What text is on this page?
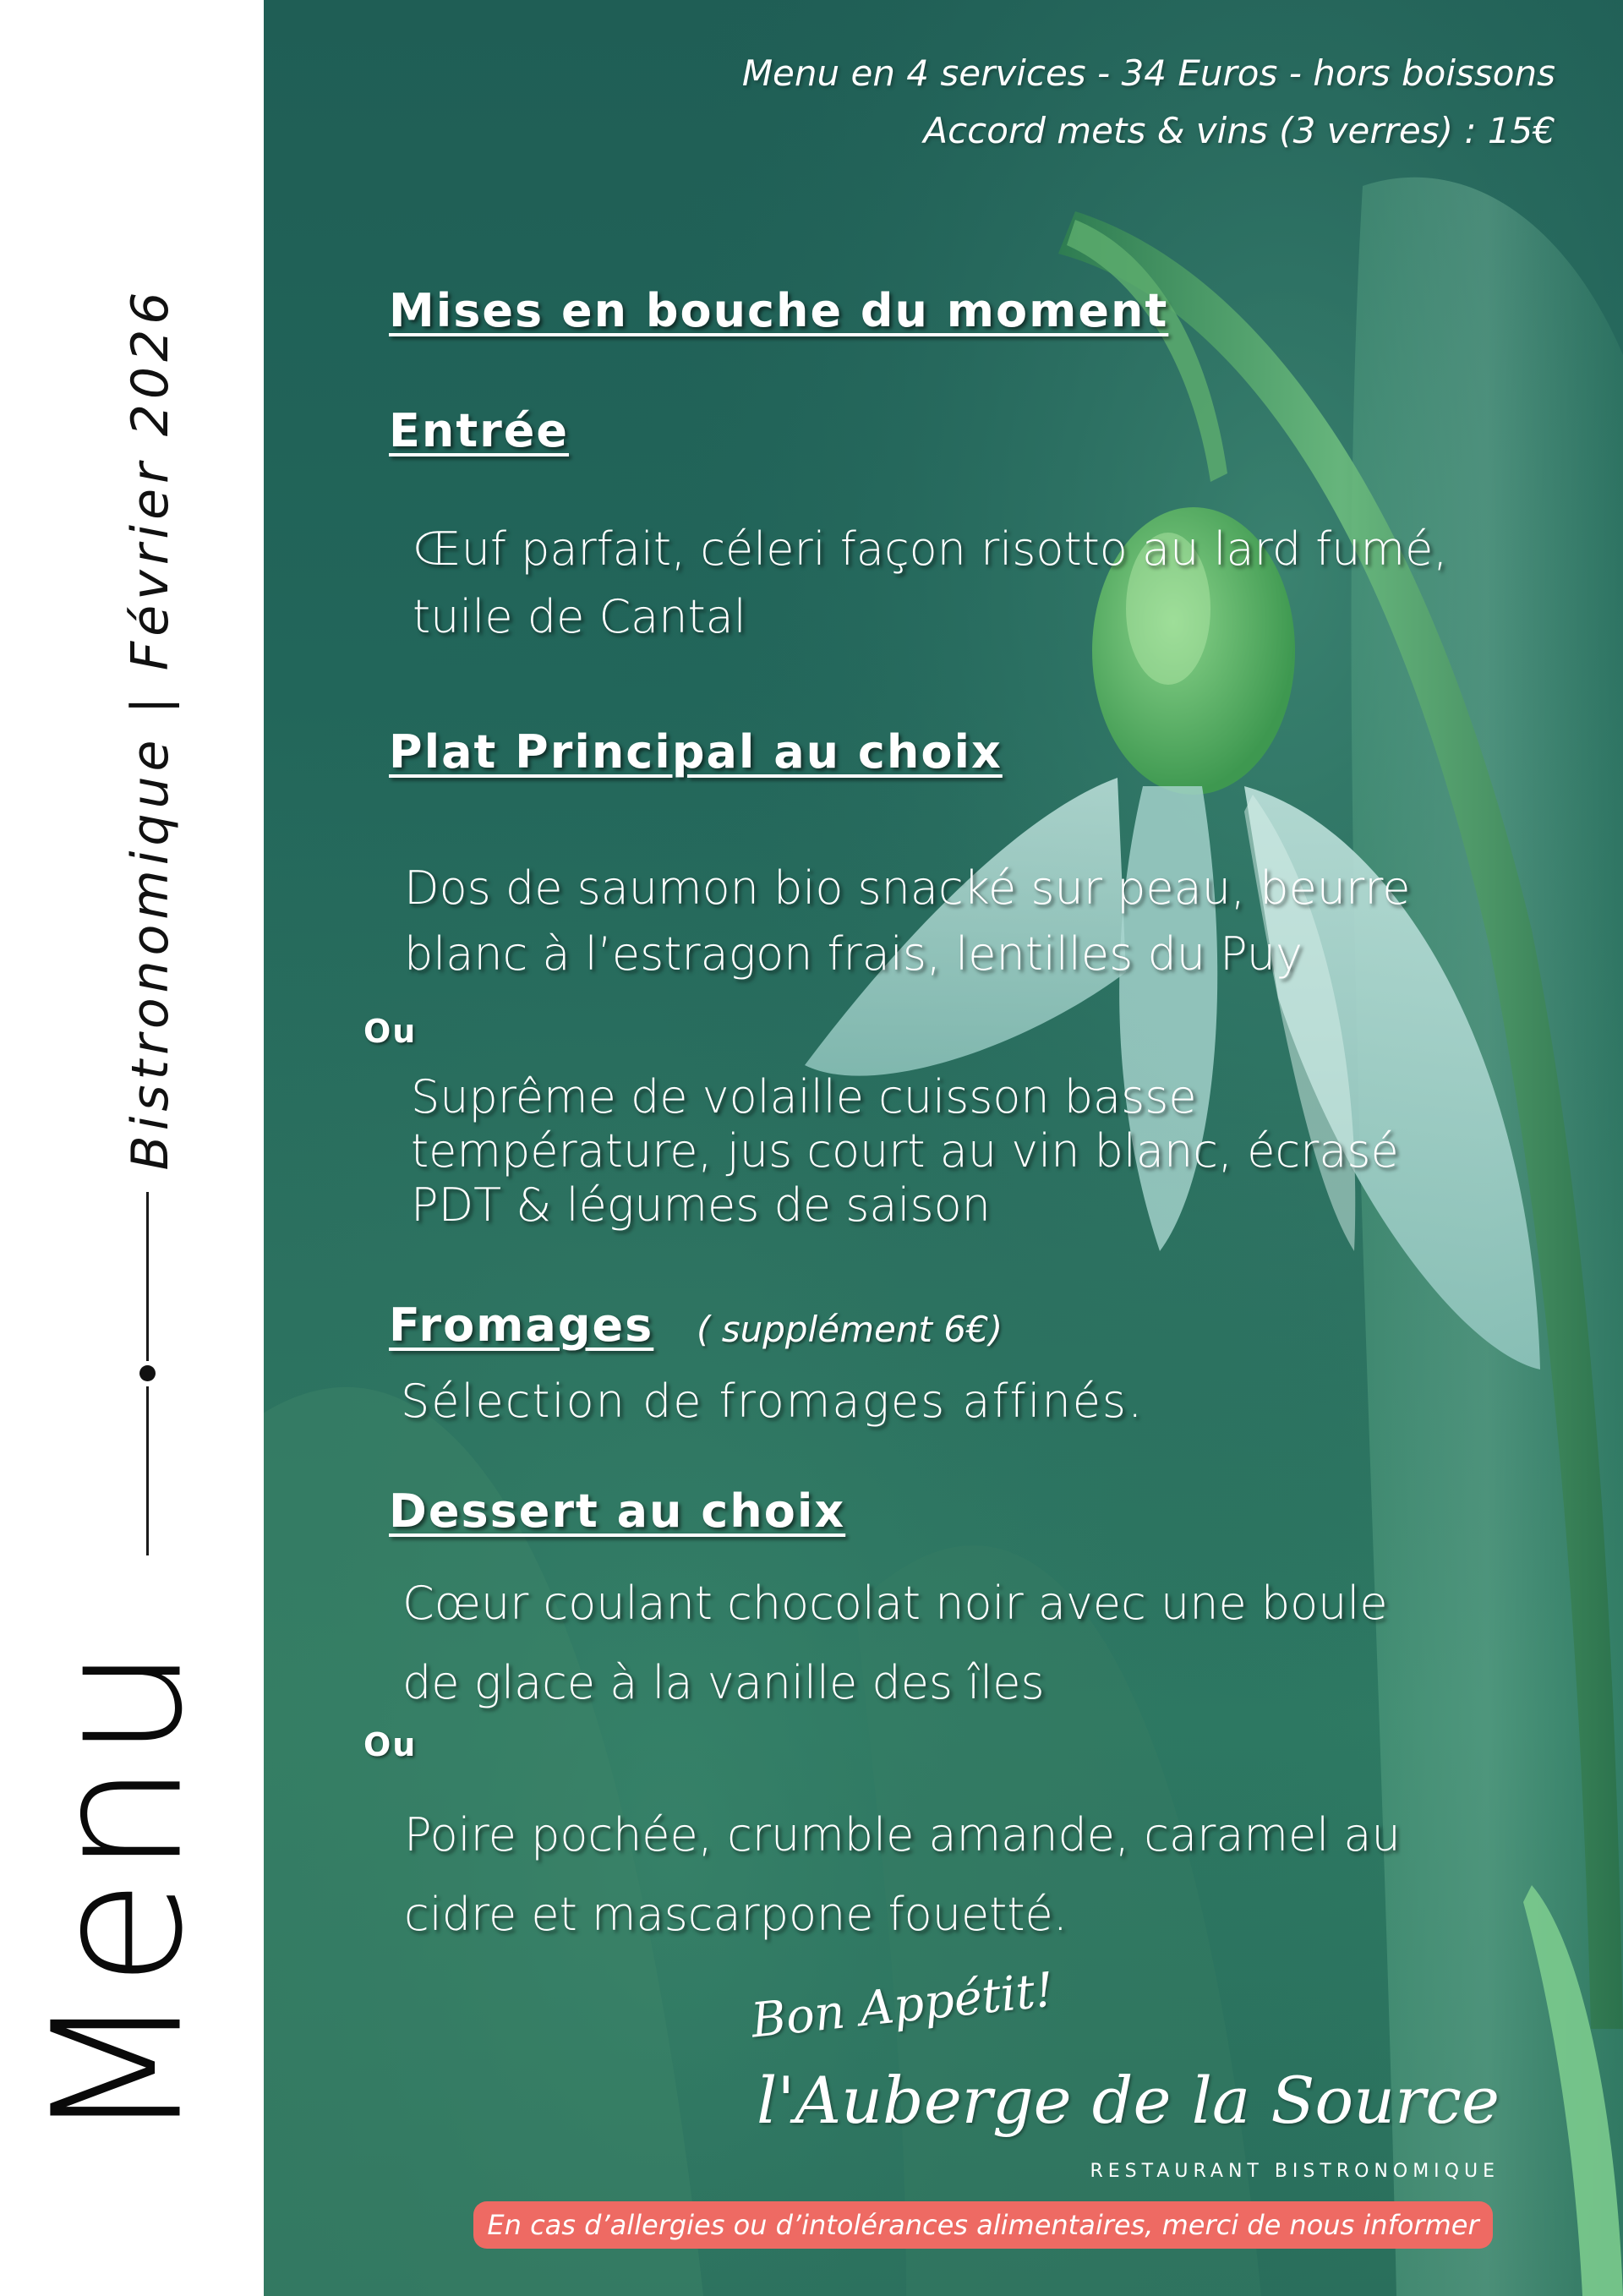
Bistronomique | Février 2026
Menu
Menu en 4 services - 34 Euros - hors boissons
Accord mets & vins (3 verres) : 15€
Mises en bouche du moment
Entrée
Œuf parfait, céleri façon risotto au lard fumé,
tuile de Cantal
Plat Principal au choix
Dos de saumon bio snacké sur peau, beurre
blanc à l’estragon frais, lentilles du Puy
Ou
Suprême de volaille cuisson basse
température, jus court au vin blanc, écrasé
PDT & légumes de saison
Fromages ( supplément 6€)
Sélection de fromages affinés.
Dessert au choix
Cœur coulant chocolat noir avec une boule
de glace à la vanille des îles
Ou
Poire pochée, crumble amande, caramel au
cidre et mascarpone fouetté.
Bon Appétit!
l'Auberge de la Source
RESTAURANT BISTRONOMIQUE
En cas d’allergies ou d’intolérances alimentaires, merci de nous informer
